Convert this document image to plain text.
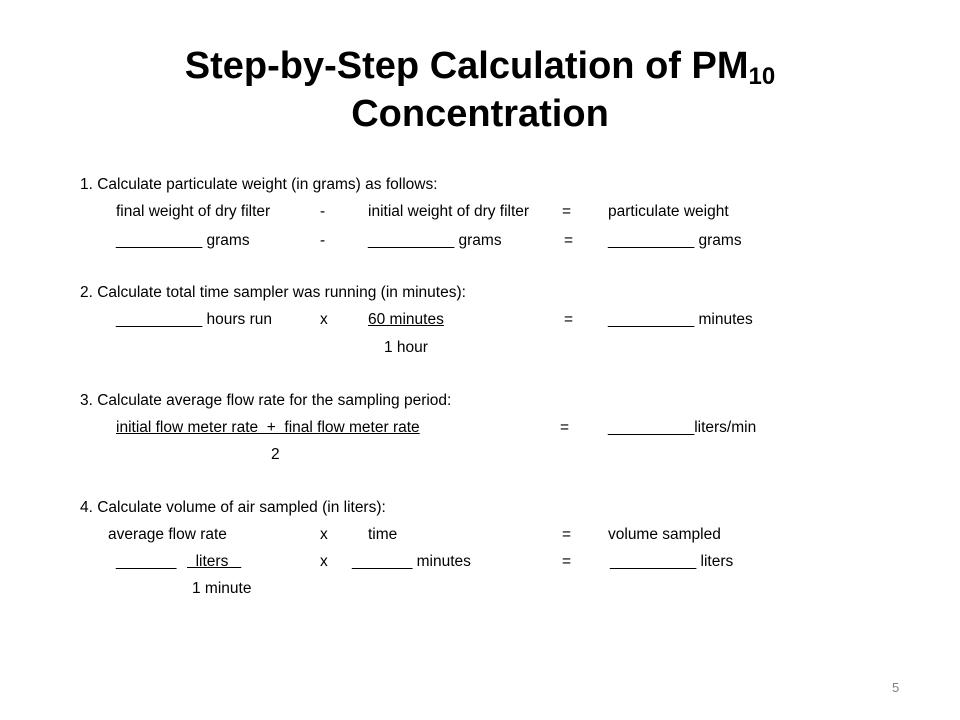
Step-by-Step Calculation of $PM_{10}$
Concentration
1. Calculate particulate weight (in grams) as follows:
final weight of dry filter	-	initial weight of dry filter = particulate weight
__________ grams	-	__________ grams	= __________ grams
2. Calculate total time sampler was running (in minutes):
__________ hours run	x	60 minutes	= __________ minutes
1 hour
3. Calculate average flow rate for the sampling period:
initial flow meter rate  +  final flow meter rate	=	__________liters/min
2
4. Calculate volume of air sampled (in liters):
average flow rate	x	time	= volume sampled
_______ liters	x _______ minutes	=	__________ liters
1 minute
5
